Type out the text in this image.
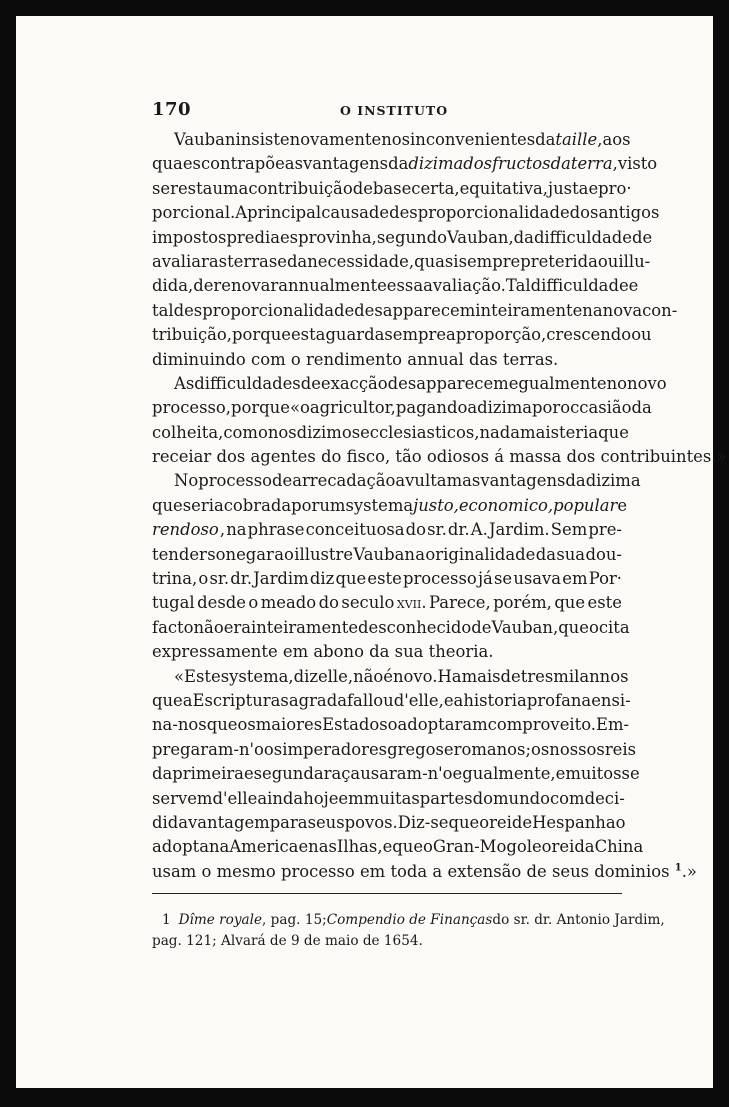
170	O INSTITUTO
Vauban insiste novamente nos inconvenientes da taille , aos
quaes contrapõe as vantagens da dizima dos fructos da terra , visto
ser esta uma contribuição de base certa, equitativa, justa e pro·
porcional. A principal causa de desproporcionalidade dos antigos
impostos prediaes provinha, segundo Vauban, da difficuldade de
avaliar as terras e da necessidade, quasi sempre preterida ou illu-
dida, de renovar annualmente essa avaliação. Tal difficuldade e
tal desproporcionalidade desapparecem inteiramente na nova con-
tribuição, porque esta guarda sempre a proporção, crescendo ou
diminuindo com o rendimento annual das terras.
As difficuldades de exacção desapparecem egualmente no novo
processo, porque «o agricultor, pagando a dizima por occasião da
colheita, como nos dizimos ecclesiasticos, nada mais teria que
receiar dos agentes do fisco, tão odiosos á massa dos contribuintes.»
No processo de arrecadação avultam as vantagens da dizima
que seria cobrada por um systema justo, economico, popular e
rendoso , na phrase conceituosa do sr. dr. A. Jardim. Sem pre-
tender sonegar ao illustre Vauban a originalidade da sua dou-
trina, o sr. dr. Jardim diz que este processo já se usava em Por·
tugal desde o meado do seculo xvii. Parece, porém, que este
facto não era inteiramente desconhecido de Vauban, que o cita
expressamente em abono da sua theoria.
«Este systema, diz elle, não é novo. Ha mais de tres mil annos
que a Escriptura sagrada fallou d'elle, e a historia profana ensi-
na-nos que os maiores Estados o adoptaram com proveito. Em-
pregaram-n'o os imperadores gregos e romanos; os nossos reis
da primeira e segunda raça usaram-n'o egualmente, e muitos se
servem d'elle ainda hoje em muitas partes do mundo com deci-
dida vantagem para seus povos. Diz-se que o rei de Hespanha o
adopta na America e nas Ilhas, e que o Gran-Mogol e o rei da China
usam o mesmo processo em toda a extensão de seus dominios $^1$.»
1 Dîme royale, pag. 15; Compendio de Finanças do sr. dr. Antonio Jardim,
pag. 121; Alvará de 9 de maio de 1654.
